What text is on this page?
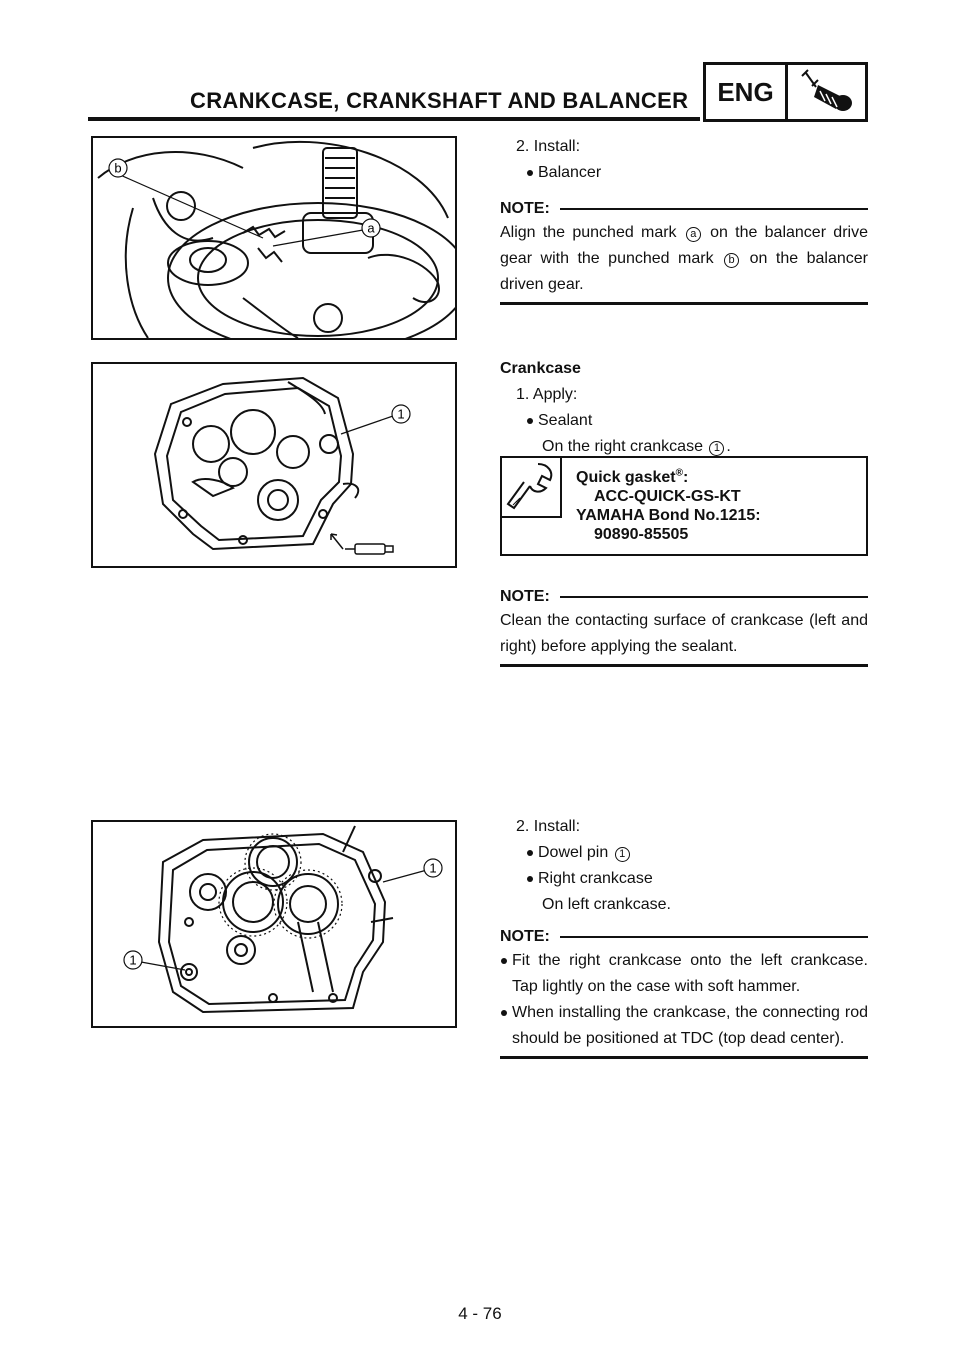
CRANKCASE, CRANKSHAFT AND BALANCER	ENG
b
a
2. Install:
Balancer
NOTE:
Align the punched mark a on the balancer drive gear with the punched mark b on the balancer driven gear.
1
Crankcase
1. Apply:
Sealant
On the right crankcase 1 .
Quick gasket®:
ACC-QUICK-GS-KT
YAMAHA Bond No.1215:
90890-85505
NOTE:
Clean the contacting surface of crankcase (left and right) before applying the sealant.
1
1
2. Install:
Dowel pin 1
Right crankcase
On left crankcase.
NOTE:
Fit the right crankcase onto the left crankcase. Tap lightly on the case with soft hammer.
When installing the crankcase, the connecting rod should be positioned at TDC (top dead center).
4 - 76
